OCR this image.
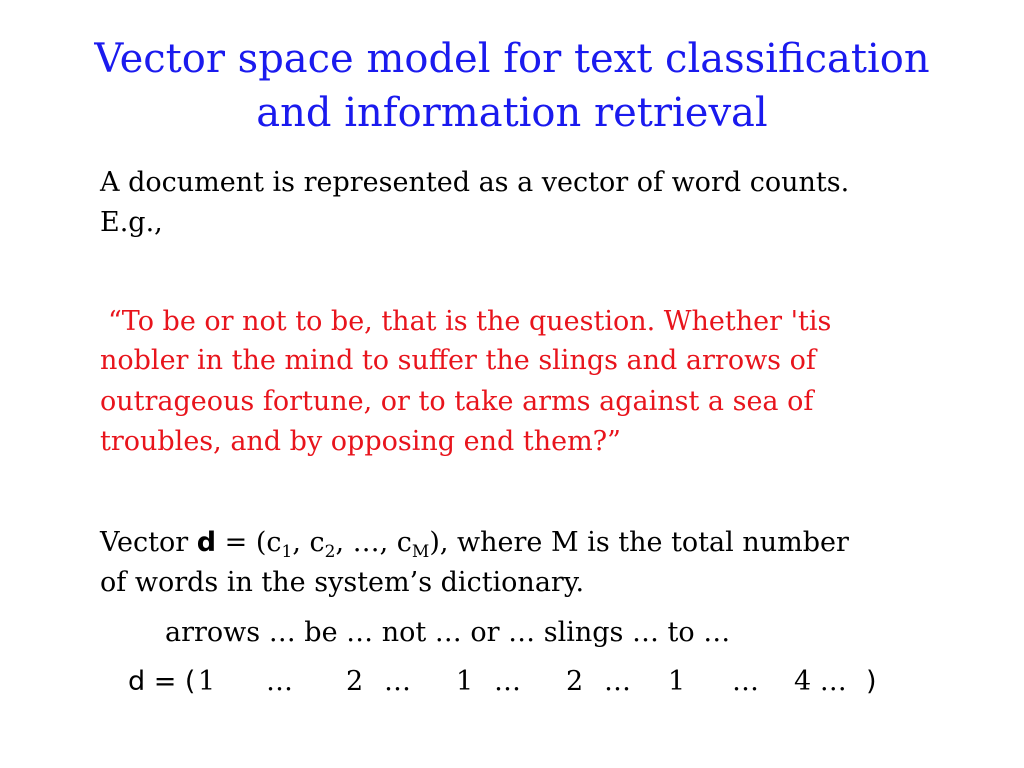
Vector space model for text classification
and information retrieval
A document is represented as a vector of word counts.
E.g.,
“To be or not to be, that is the question. Whether 'tis
nobler in the mind to suffer the slings and arrows of
outrageous fortune, or to take arms against a sea of
troubles, and by opposing end them?”
Vector $d = (c_1$, $c_2$, …, $c_M$), where M is the total number
of words in the system’s dictionary.
arrows … be … not … or … slings … to …
d = ( 1 … 2 … 1 … 2 … 1 … 4 … )
